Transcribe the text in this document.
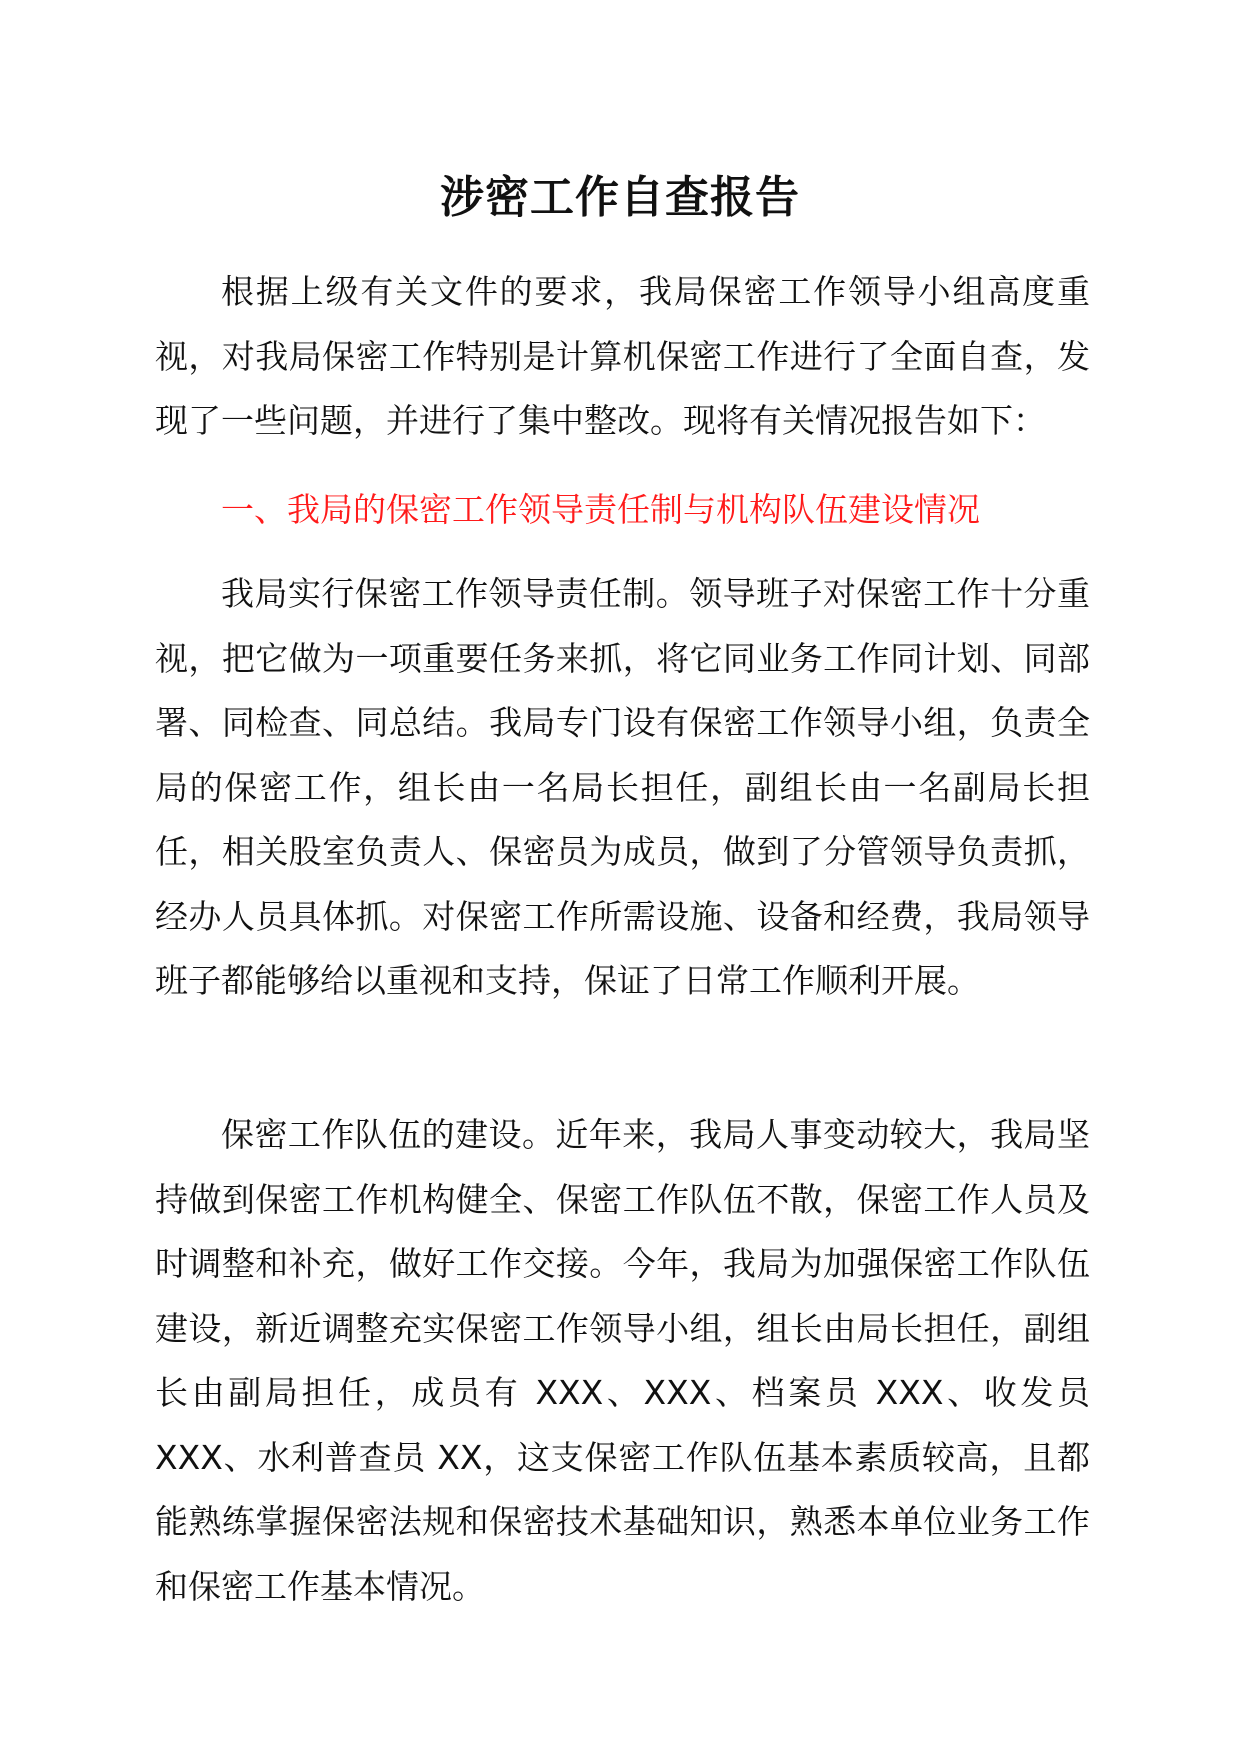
涉密工作自查报告

根据上级有关文件的要求，我局保密工作领导小组高度重视，对我局保密工作特别是计算机保密工作进行了全面自查，发现了一些问题，并进行了集中整改。现将有关情况报告如下：

一、我局的保密工作领导责任制与机构队伍建设情况

我局实行保密工作领导责任制。领导班子对保密工作十分重视，把它做为一项重要任务来抓，将它同业务工作同计划、同部署、同检查、同总结。我局专门设有保密工作领导小组，负责全局的保密工作，组长由一名局长担任，副组长由一名副局长担任，相关股室负责人、保密员为成员，做到了分管领导负责抓，经办人员具体抓。对保密工作所需设施、设备和经费，我局领导班子都能够给以重视和支持，保证了日常工作顺利开展。

保密工作队伍的建设。近年来，我局人事变动较大，我局坚持做到保密工作机构健全、保密工作队伍不散，保密工作人员及时调整和补充，做好工作交接。今年，我局为加强保密工作队伍建设，新近调整充实保密工作领导小组，组长由局长担任，副组长由副局担任，成员有 XXX、XXX、档案员 XXX、收发员 XXX、水利普查员 XX，这支保密工作队伍基本素质较高，且都能熟练掌握保密法规和保密技术基础知识，熟悉本单位业务工作和保密工作基本情况。
